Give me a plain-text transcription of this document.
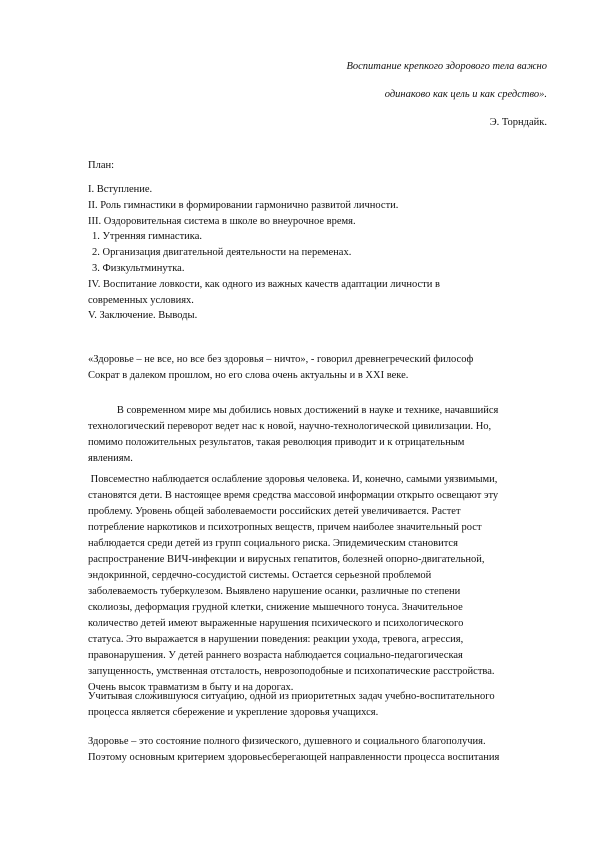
Воспитание крепкого здорового тела важно
одинаково как цель и как средство».
Э. Торндайк.
План:
I. Вступление.
II. Роль гимнастики в формировании гармонично развитой личности.
III. Оздоровительная система в школе во внеурочное время.
1. Утренняя гимнастика.
2. Организация двигательной деятельности на переменах.
3. Физкультминутка.
IV. Воспитание ловкости, как одного из важных качеств адаптации личности в
современных условиях.
V. Заключение. Выводы.
«Здоровье – не все, но все без здоровья – ничто», - говорил древнегреческий философ
Сократ в далеком прошлом, но его слова очень актуальны и в XXI веке.
В современном мире мы добились новых достижений в науке и технике, начавшийся
технологический переворот ведет нас к новой, научно-технологической цивилизации. Но,
помимо положительных результатов, такая революция приводит и к отрицательным
явлениям.
Повсеместно наблюдается ослабление здоровья человека. И, конечно, самыми уязвимыми,
становятся дети. В настоящее время средства массовой информации открыто освещают эту
проблему. Уровень общей заболеваемости российских детей увеличивается. Растет
потребление наркотиков и психотропных веществ, причем наиболее значительный рост
наблюдается среди детей из групп социального риска. Эпидемическим становится
распространение ВИЧ-инфекции и вирусных гепатитов, болезней опорно-двигательной,
эндокринной, сердечно-сосудистой системы. Остается серьезной проблемой
заболеваемость туберкулезом. Выявлено нарушение осанки, различные по степени
сколиозы, деформация грудной клетки, снижение мышечного тонуса. Значительное
количество детей имеют выраженные нарушения психического и психологического
статуса. Это выражается в нарушении поведения: реакции ухода, тревога, агрессия,
правонарушения. У детей раннего возраста наблюдается социально-педагогическая
запущенность, умственная отсталость, неврозоподобные и психопатические расстройства.
Очень высок травматизм в быту и на дорогах.
Учитывая сложившуюся ситуацию, одной из приоритетных задач учебно-воспитательного
процесса является сбережение и укрепление здоровья учащихся.
Здоровье – это состояние полного физического, душевного и социального благополучия.
Поэтому основным критерием здоровьесберегающей направленности процесса воспитания
